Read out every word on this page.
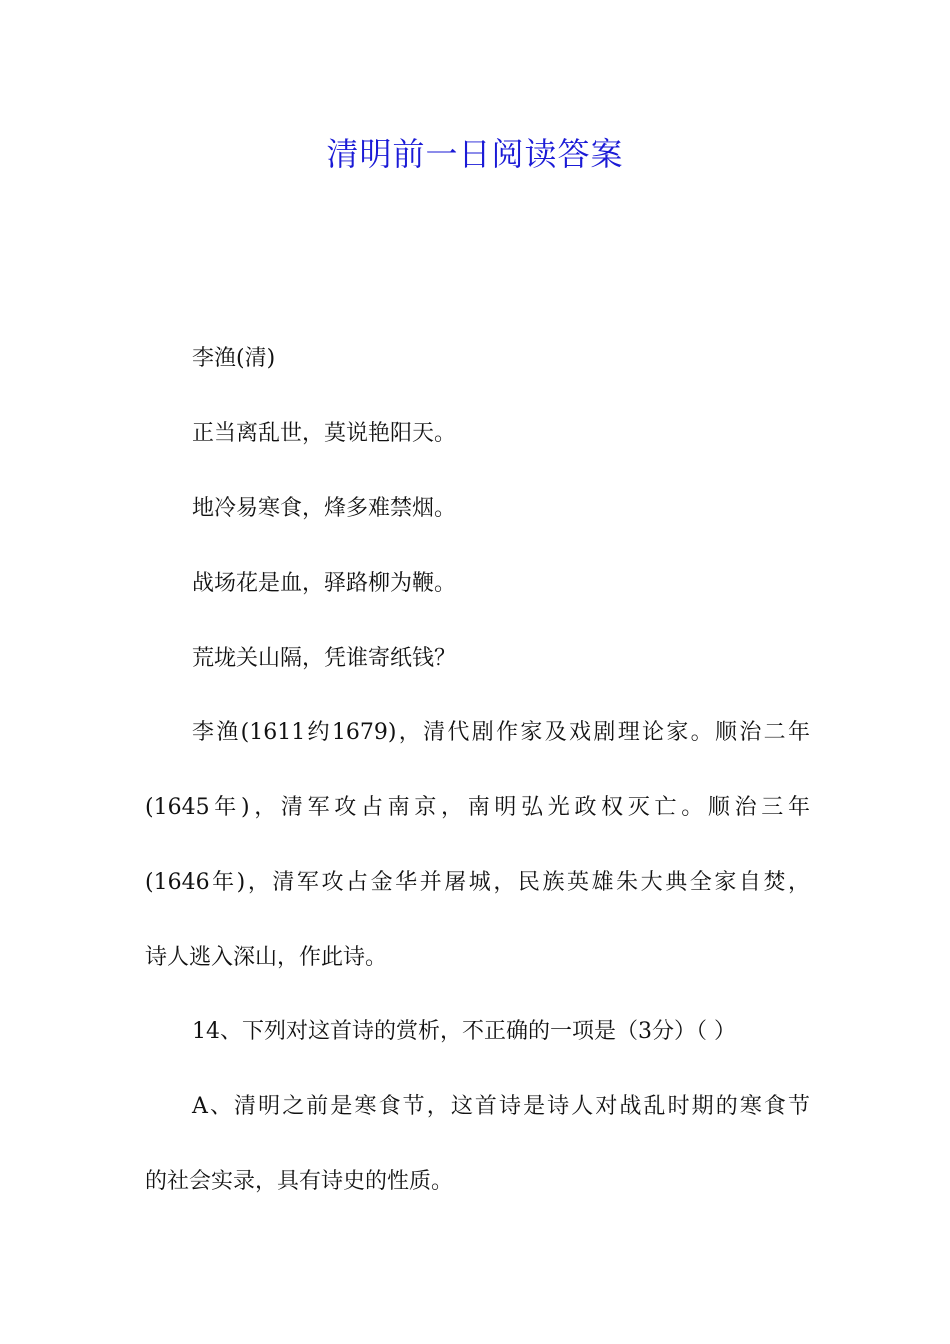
清明前一日阅读答案
李渔(清)
正当离乱世，莫说艳阳天。
地冷易寒食，烽多难禁烟。
战场花是血，驿路柳为鞭。
荒垅关山隔，凭谁寄纸钱？
李渔(1611约1679)，清代剧作家及戏剧理论家。顺治二年
(1645年)，清军攻占南京，南明弘光政权灭亡。顺治三年
(1646年)，清军攻占金华并屠城，民族英雄朱大典全家自焚，
诗人逃入深山，作此诗。
14、下列对这首诗的赏析，不正确的一项是（3分）（ ）
A、清明之前是寒食节，这首诗是诗人对战乱时期的寒食节
的社会实录，具有诗史的性质。
